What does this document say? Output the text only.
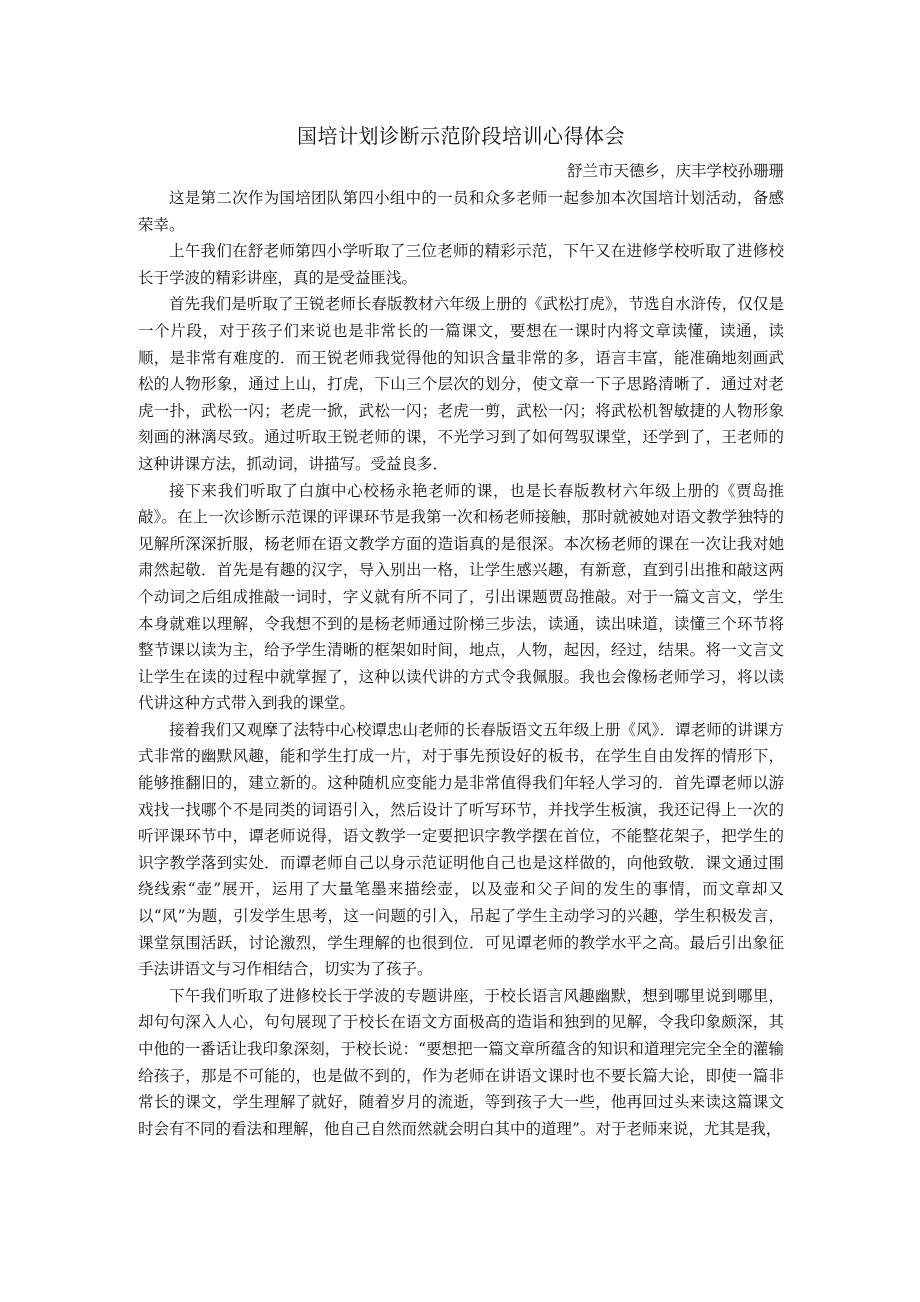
国培计划诊断示范阶段培训心得体会

舒兰市天德乡，庆丰学校孙珊珊

这是第二次作为国培团队第四小组中的一员和众多老师一起参加本次国培计划活动，备感荣幸。

上午我们在舒老师第四小学听取了三位老师的精彩示范，下午又在进修学校听取了进修校长于学波的精彩讲座，真的是受益匪浅。

首先我们是听取了王锐老师长春版教材六年级上册的《武松打虎》，节选自水浒传，仅仅是一个片段，对于孩子们来说也是非常长的一篇课文，要想在一课时内将文章读懂，读通，读顺，是非常有难度的．而王锐老师我觉得他的知识含量非常的多，语言丰富，能准确地刻画武松的人物形象，通过上山，打虎，下山三个层次的划分，使文章一下子思路清晰了．通过对老虎一扑，武松一闪；老虎一掀，武松一闪；老虎一剪，武松一闪；将武松机智敏捷的人物形象刻画的淋漓尽致。通过听取王锐老师的课，不光学习到了如何驾驭课堂，还学到了，王老师的这种讲课方法，抓动词，讲描写。受益良多．

接下来我们听取了白旗中心校杨永艳老师的课，也是长春版教材六年级上册的《贾岛推敲》。在上一次诊断示范课的评课环节是我第一次和杨老师接触，那时就被她对语文教学独特的见解所深深折服，杨老师在语文教学方面的造诣真的是很深。本次杨老师的课在一次让我对她肃然起敬．首先是有趣的汉字，导入别出一格，让学生感兴趣，有新意，直到引出推和敲这两个动词之后组成推敲一词时，字义就有所不同了，引出课题贾岛推敲。对于一篇文言文，学生本身就难以理解，令我想不到的是杨老师通过阶梯三步法，读通，读出味道，读懂三个环节将整节课以读为主，给予学生清晰的框架如时间，地点，人物，起因，经过，结果。将一文言文让学生在读的过程中就掌握了，这种以读代讲的方式令我佩服。我也会像杨老师学习，将以读代讲这种方式带入到我的课堂。

接着我们又观摩了法特中心校谭忠山老师的长春版语文五年级上册《风》．谭老师的讲课方式非常的幽默风趣，能和学生打成一片，对于事先预设好的板书，在学生自由发挥的情形下，能够推翻旧的，建立新的。这种随机应变能力是非常值得我们年轻人学习的．首先谭老师以游戏找一找哪个不是同类的词语引入，然后设计了听写环节，并找学生板演，我还记得上一次的听评课环节中，谭老师说得，语文教学一定要把识字教学摆在首位，不能整花架子，把学生的识字教学落到实处．而谭老师自己以身示范证明他自己也是这样做的，向他致敬．课文通过围绕线索“壶”展开，运用了大量笔墨来描绘壶，以及壶和父子间的发生的事情，而文章却又以“风”为题，引发学生思考，这一问题的引入，吊起了学生主动学习的兴趣，学生积极发言，课堂氛围活跃，讨论激烈，学生理解的也很到位．可见谭老师的教学水平之高。最后引出象征手法讲语文与习作相结合，切实为了孩子。

下午我们听取了进修校长于学波的专题讲座，于校长语言风趣幽默，想到哪里说到哪里，却句句深入人心，句句展现了于校长在语文方面极高的造诣和独到的见解，令我印象颇深，其中他的一番话让我印象深刻，于校长说：“要想把一篇文章所蕴含的知识和道理完完全全的灌输给孩子，那是不可能的，也是做不到的，作为老师在讲语文课时也不要长篇大论，即使一篇非常长的课文，学生理解了就好，随着岁月的流逝，等到孩子大一些，他再回过头来读这篇课文时会有不同的看法和理解，他自己自然而然就会明白其中的道理”。对于老师来说，尤其是我，
